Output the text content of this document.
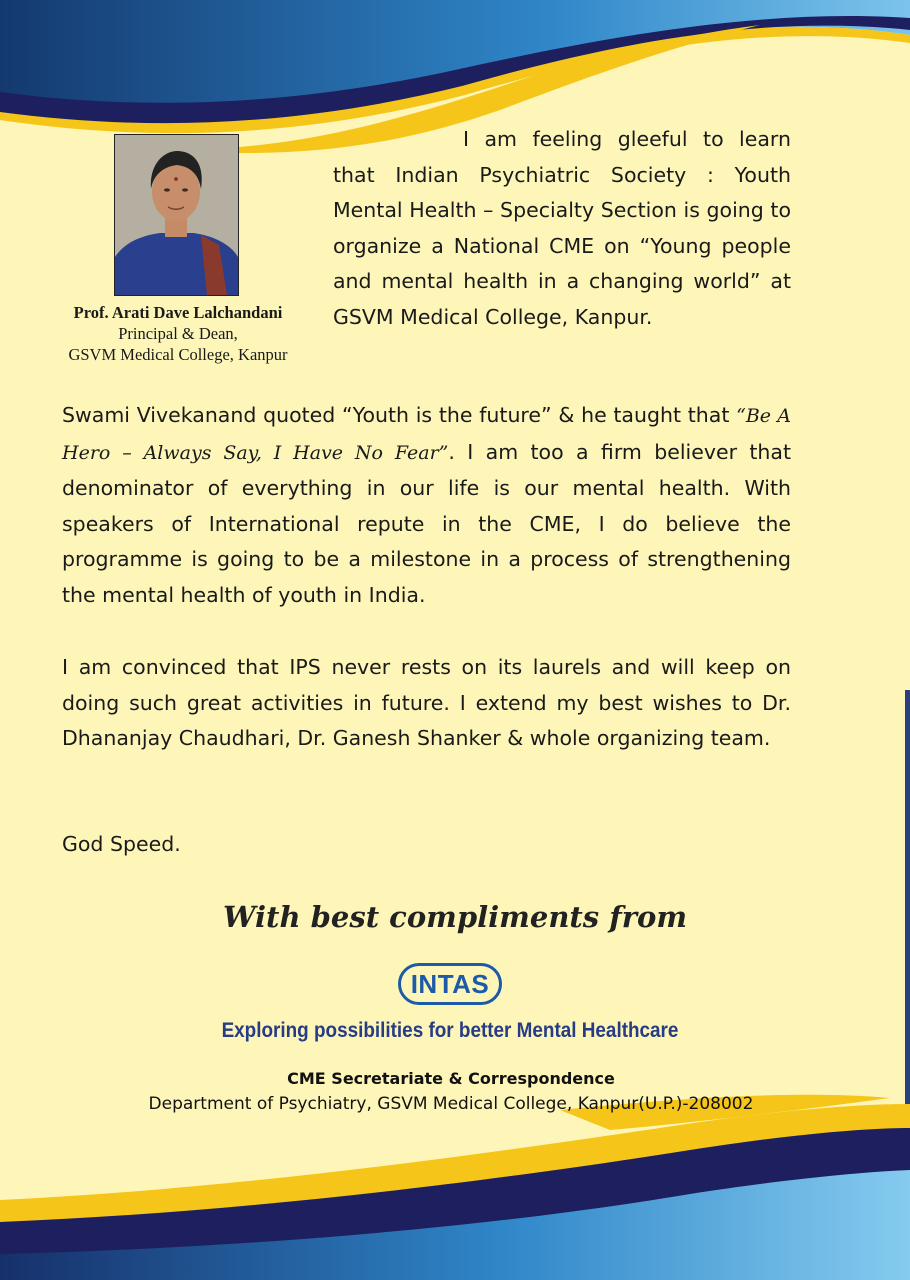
Prof. Arati Dave Lalchandani
Principal & Dean,
GSVM Medical College, Kanpur
I am feeling gleeful to learn that Indian Psychiatric Society : Youth Mental Health – Specialty Section is going to organize a National CME on “Young people and mental health in a changing world” at GSVM Medical College, Kanpur.
Swami Vivekanand quoted “Youth is the future” & he taught that “Be A Hero – Always Say, I Have No Fear”. I am too a firm believer that denominator of everything in our life is our mental health. With speakers of International repute in the CME, I do believe the programme is going to be a milestone in a process of strengthening the mental health of youth in India.
I am convinced that IPS never rests on its laurels and will keep on doing such great activities in future. I extend my best wishes to Dr. Dhananjay Chaudhari, Dr. Ganesh Shanker & whole organizing team.
God Speed.
With best compliments from
INTAS
Exploring possibilities for better Mental Healthcare
CME Secretariate & Correspondence
Department of Psychiatry, GSVM Medical College, Kanpur(U.P.)-208002
